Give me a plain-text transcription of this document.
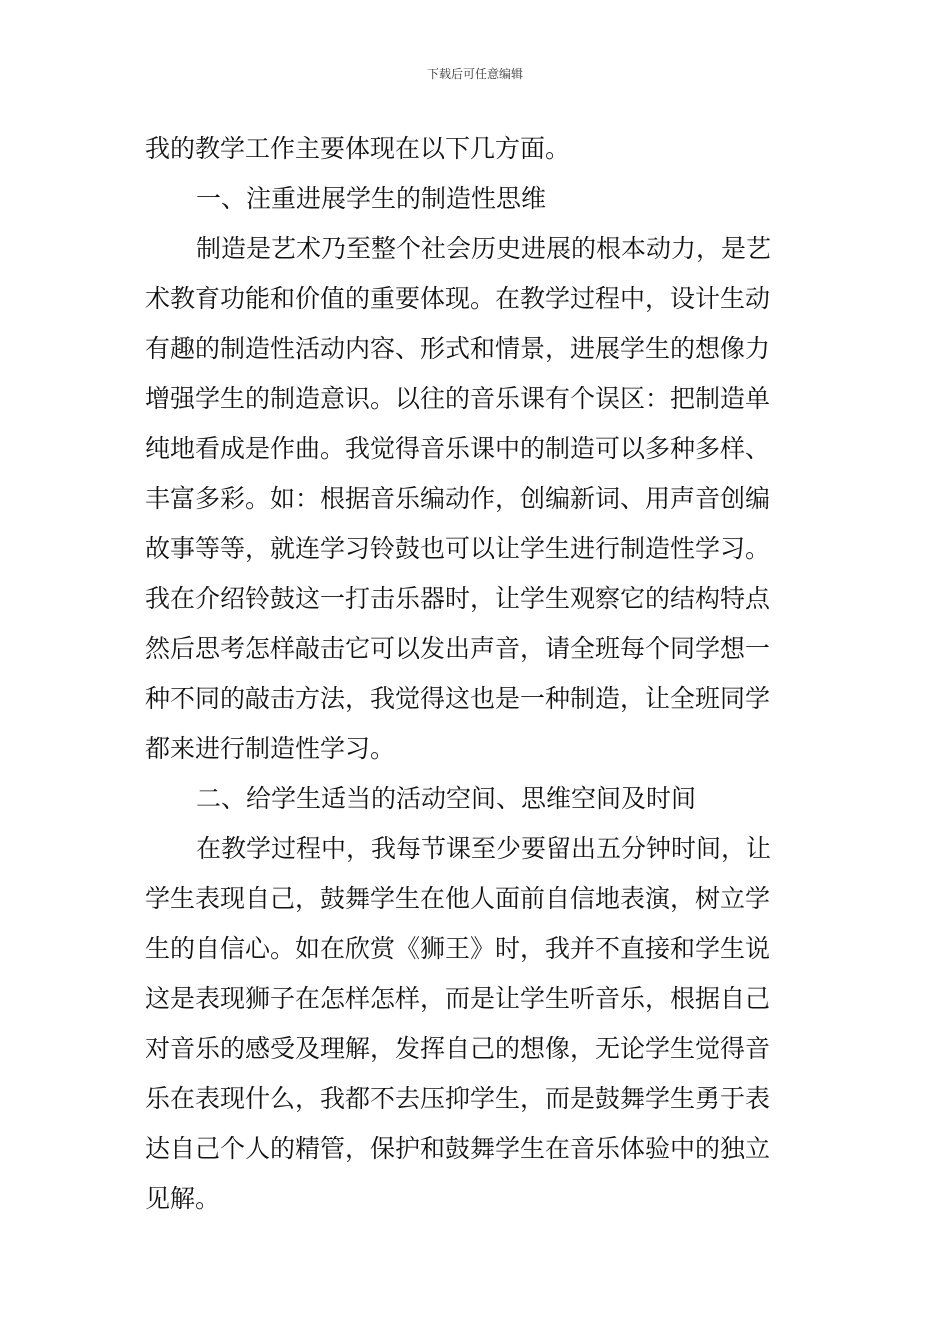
下载后可任意编辑
我的教学工作主要体现在以下几方面。
一、注重进展学生的制造性思维
制造是艺术乃至整个社会历史进展的根本动力，是艺
术教育功能和价值的重要体现。在教学过程中，设计生动
有趣的制造性活动内容、形式和情景，进展学生的想像力
增强学生的制造意识。以往的音乐课有个误区：把制造单
纯地看成是作曲。我觉得音乐课中的制造可以多种多样、
丰富多彩。如：根据音乐编动作，创编新词、用声音创编
故事等等，就连学习铃鼓也可以让学生进行制造性学习。
我在介绍铃鼓这一打击乐器时，让学生观察它的结构特点
然后思考怎样敲击它可以发出声音，请全班每个同学想一
种不同的敲击方法，我觉得这也是一种制造，让全班同学
都来进行制造性学习。
二、给学生适当的活动空间、思维空间及时间
在教学过程中，我每节课至少要留出五分钟时间，让
学生表现自己，鼓舞学生在他人面前自信地表演，树立学
生的自信心。如在欣赏《狮王》时，我并不直接和学生说
这是表现狮子在怎样怎样，而是让学生听音乐，根据自己
对音乐的感受及理解，发挥自己的想像，无论学生觉得音
乐在表现什么，我都不去压抑学生，而是鼓舞学生勇于表
达自己个人的精管，保护和鼓舞学生在音乐体验中的独立
见解。
